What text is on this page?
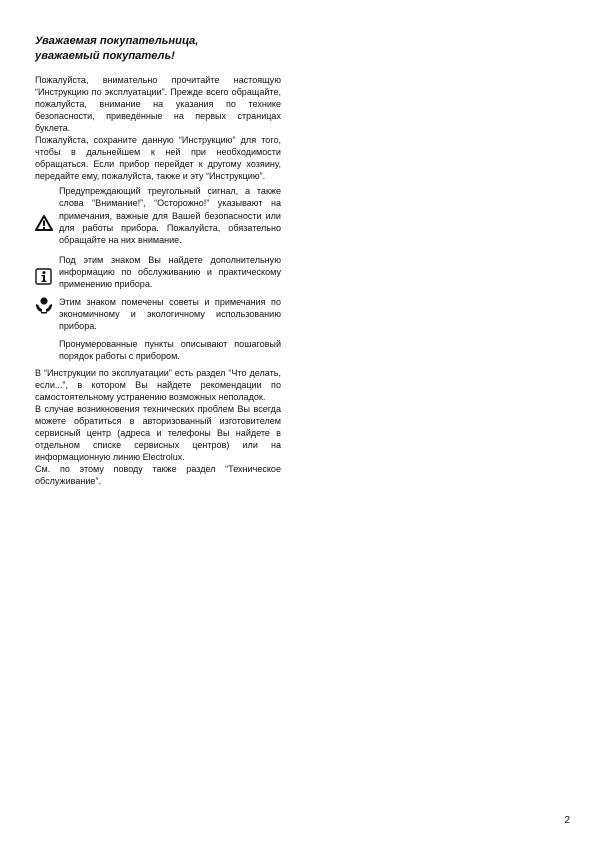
Уважаемая покупательница,
уважаемый покупатель!

Пожалуйста, внимательно прочитайте настоящую “Инструкцию по эксплуатации”. Прежде всего обращайте, пожалуйста, внимание на указания по технике безопасности, приведённые на первых страницах буклета.

Пожалуйста, сохраните данную “Инструкцию” для того, чтобы в дальнейшем к ней при необходимости обращаться. Если прибор перейдет к другому хозяину, передайте ему, пожалуйста, также и эту “Инструкцию”.

Предупреждающий треугольный сигнал, а также слова “Внимание!”, “Осторожно!” указывают на примечания, важные для Вашей безопасности или для работы прибора. Пожалуйста, обязательно обращайте на них внимание.

Под этим знаком Вы найдете дополнительную информацию по обслуживанию и практическому применению прибора.

Этим знаком помечены советы и примечания по экономичному и экологичному использованию прибора.

Пронумерованные пункты описывают пошаговый порядок работы с прибором.

В “Инструкции по эксплуатации” есть раздел “Что делать, если...”, в котором Вы найдете рекомендации по самостоятельному устранению возможных неполадок.

В случае возникновения технических проблем Вы всегда можете обратиться в авторизованный изготовителем сервисный центр (адреса и телефоны Вы найдете в отдельном списке сервисных центров) или на информационную линию Electrolux.

См. по этому поводу также раздел “Техническое обслуживание”.

2
